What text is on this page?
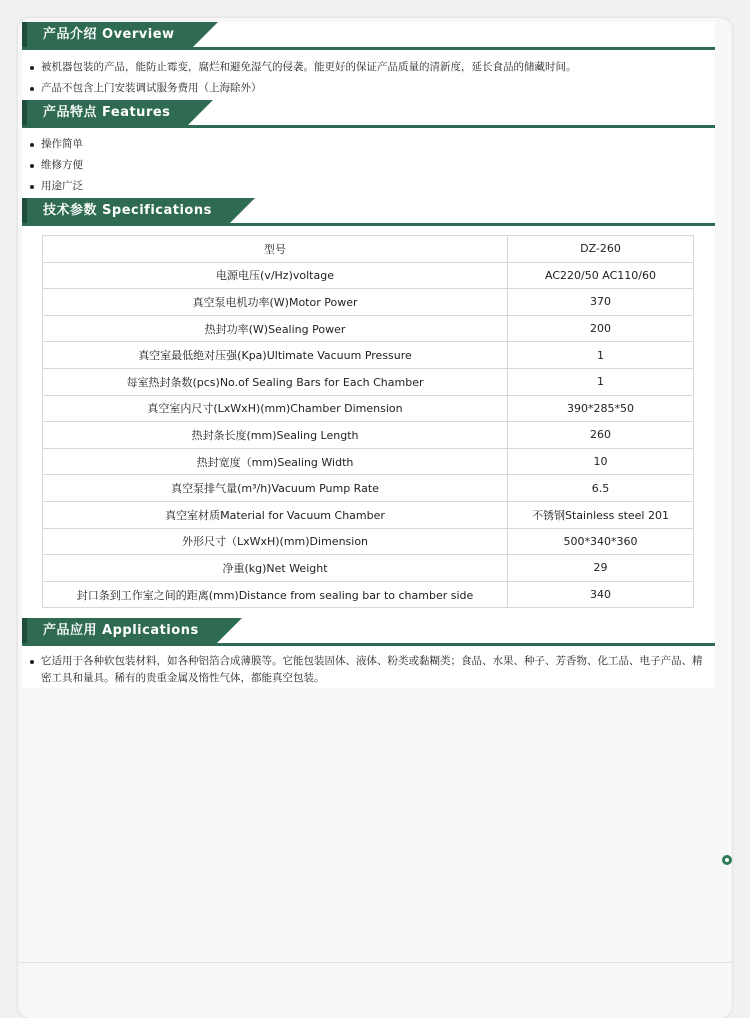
产品介绍 Overview
被机器包装的产品，能防止霉变，腐烂和避免湿气的侵袭。能更好的保证产品质量的清新度，延长食品的储藏时间。
产品不包含上门安装调试服务费用（上海除外）
产品特点 Features
操作简单
维修方便
用途广泛
技术参数 Specifications
型号	DZ-260
电源电压(v/Hz)voltage	AC220/50 AC110/60
真空泵电机功率(W)Motor Power	370
热封功率(W)Sealing Power	200
真空室最低绝对压强(Kpa)Ultimate Vacuum Pressure	1
每室热封条数(pcs)No.of Sealing Bars for Each Chamber	1
真空室内尺寸(LxWxH)(mm)Chamber Dimension	390*285*50
热封条长度(mm)Sealing Length	260
热封宽度（mm)Sealing Width	10
真空泵排气量(m³/h)Vacuum Pump Rate	6.5
真空室材质Material for Vacuum Chamber	不锈钢Stainless steel 201
外形尺寸（LxWxH)(mm)Dimension	500*340*360
净重(kg)Net Weight	29
封口条到工作室之间的距离(mm)Distance from sealing bar to chamber side	340
产品应用 Applications
它适用于各种软包装材料，如各种铝箔合成薄膜等。它能包装固体、液体、粉类或黏糊类；食品、水果、种子、芳香物、化工品、电子产品、精密工具和量具。稀有的贵重金属及惰性气体，都能真空包装。
